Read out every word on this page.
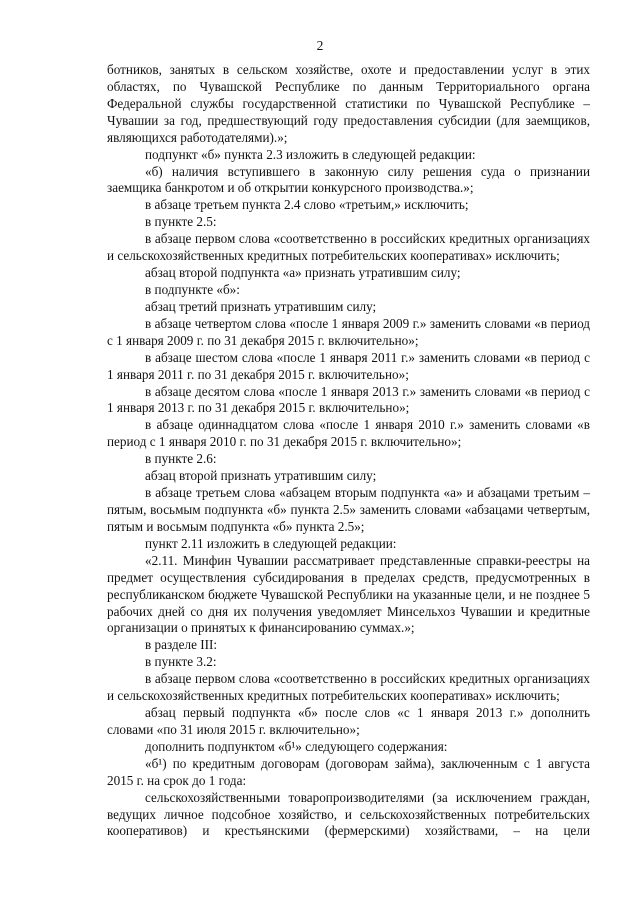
2

ботников, занятых в сельском хозяйстве, охоте и предоставлении услуг в этих областях, по Чувашской Республике по данным Территориального органа Федеральной службы государственной статистики по Чувашской Республике – Чувашии за год, предшествующий году предоставления субсидии (для заемщиков, являющихся работодателями).»;

подпункт «б» пункта 2.3 изложить в следующей редакции:

«б) наличия вступившего в законную силу решения суда о признании заемщика банкротом и об открытии конкурсного производства.»;

в абзаце третьем пункта 2.4 слово «третьим,» исключить;

в пункте 2.5:

в абзаце первом слова «соответственно в российских кредитных организациях и сельскохозяйственных кредитных потребительских кооперативах» исключить;

абзац второй подпункта «а» признать утратившим силу;

в подпункте «б»:

абзац третий признать утратившим силу;

в абзаце четвертом слова «после 1 января 2009 г.» заменить словами «в период с 1 января 2009 г. по 31 декабря 2015 г. включительно»;

в абзаце шестом слова «после 1 января 2011 г.» заменить словами «в период с 1 января 2011 г. по 31 декабря 2015 г. включительно»;

в абзаце десятом слова «после 1 января 2013 г.» заменить словами «в период с 1 января 2013 г. по 31 декабря 2015 г. включительно»;

в абзаце одиннадцатом слова «после 1 января 2010 г.» заменить словами «в период с 1 января 2010 г. по 31 декабря 2015 г. включительно»;

в пункте 2.6:

абзац второй признать утратившим силу;

в абзаце третьем слова «абзацем вторым подпункта «а» и абзацами третьим – пятым, восьмым подпункта «б» пункта 2.5» заменить словами «абзацами четвертым, пятым и восьмым подпункта «б» пункта 2.5»;

пункт 2.11 изложить в следующей редакции:

«2.11. Минфин Чувашии рассматривает представленные справки-реестры на предмет осуществления субсидирования в пределах средств, предусмотренных в республиканском бюджете Чувашской Республики на указанные цели, и не позднее 5 рабочих дней со дня их получения уведомляет Минсельхоз Чувашии и кредитные организации о принятых к финансированию суммах.»;

в разделе III:

в пункте 3.2:

в абзаце первом слова «соответственно в российских кредитных организациях и сельскохозяйственных кредитных потребительских кооперативах» исключить;

абзац первый подпункта «б» после слов «с 1 января 2013 г.» дополнить словами «по 31 июля 2015 г. включительно»;

дополнить подпунктом «б¹» следующего содержания:

«б¹) по кредитным договорам (договорам займа), заключенным с 1 августа 2015 г. на срок до 1 года:

сельскохозяйственными товаропроизводителями (за исключением граждан, ведущих личное подсобное хозяйство, и сельскохозяйственных потребительских кооперативов) и крестьянскими (фермерскими) хозяйствами, – на цели
